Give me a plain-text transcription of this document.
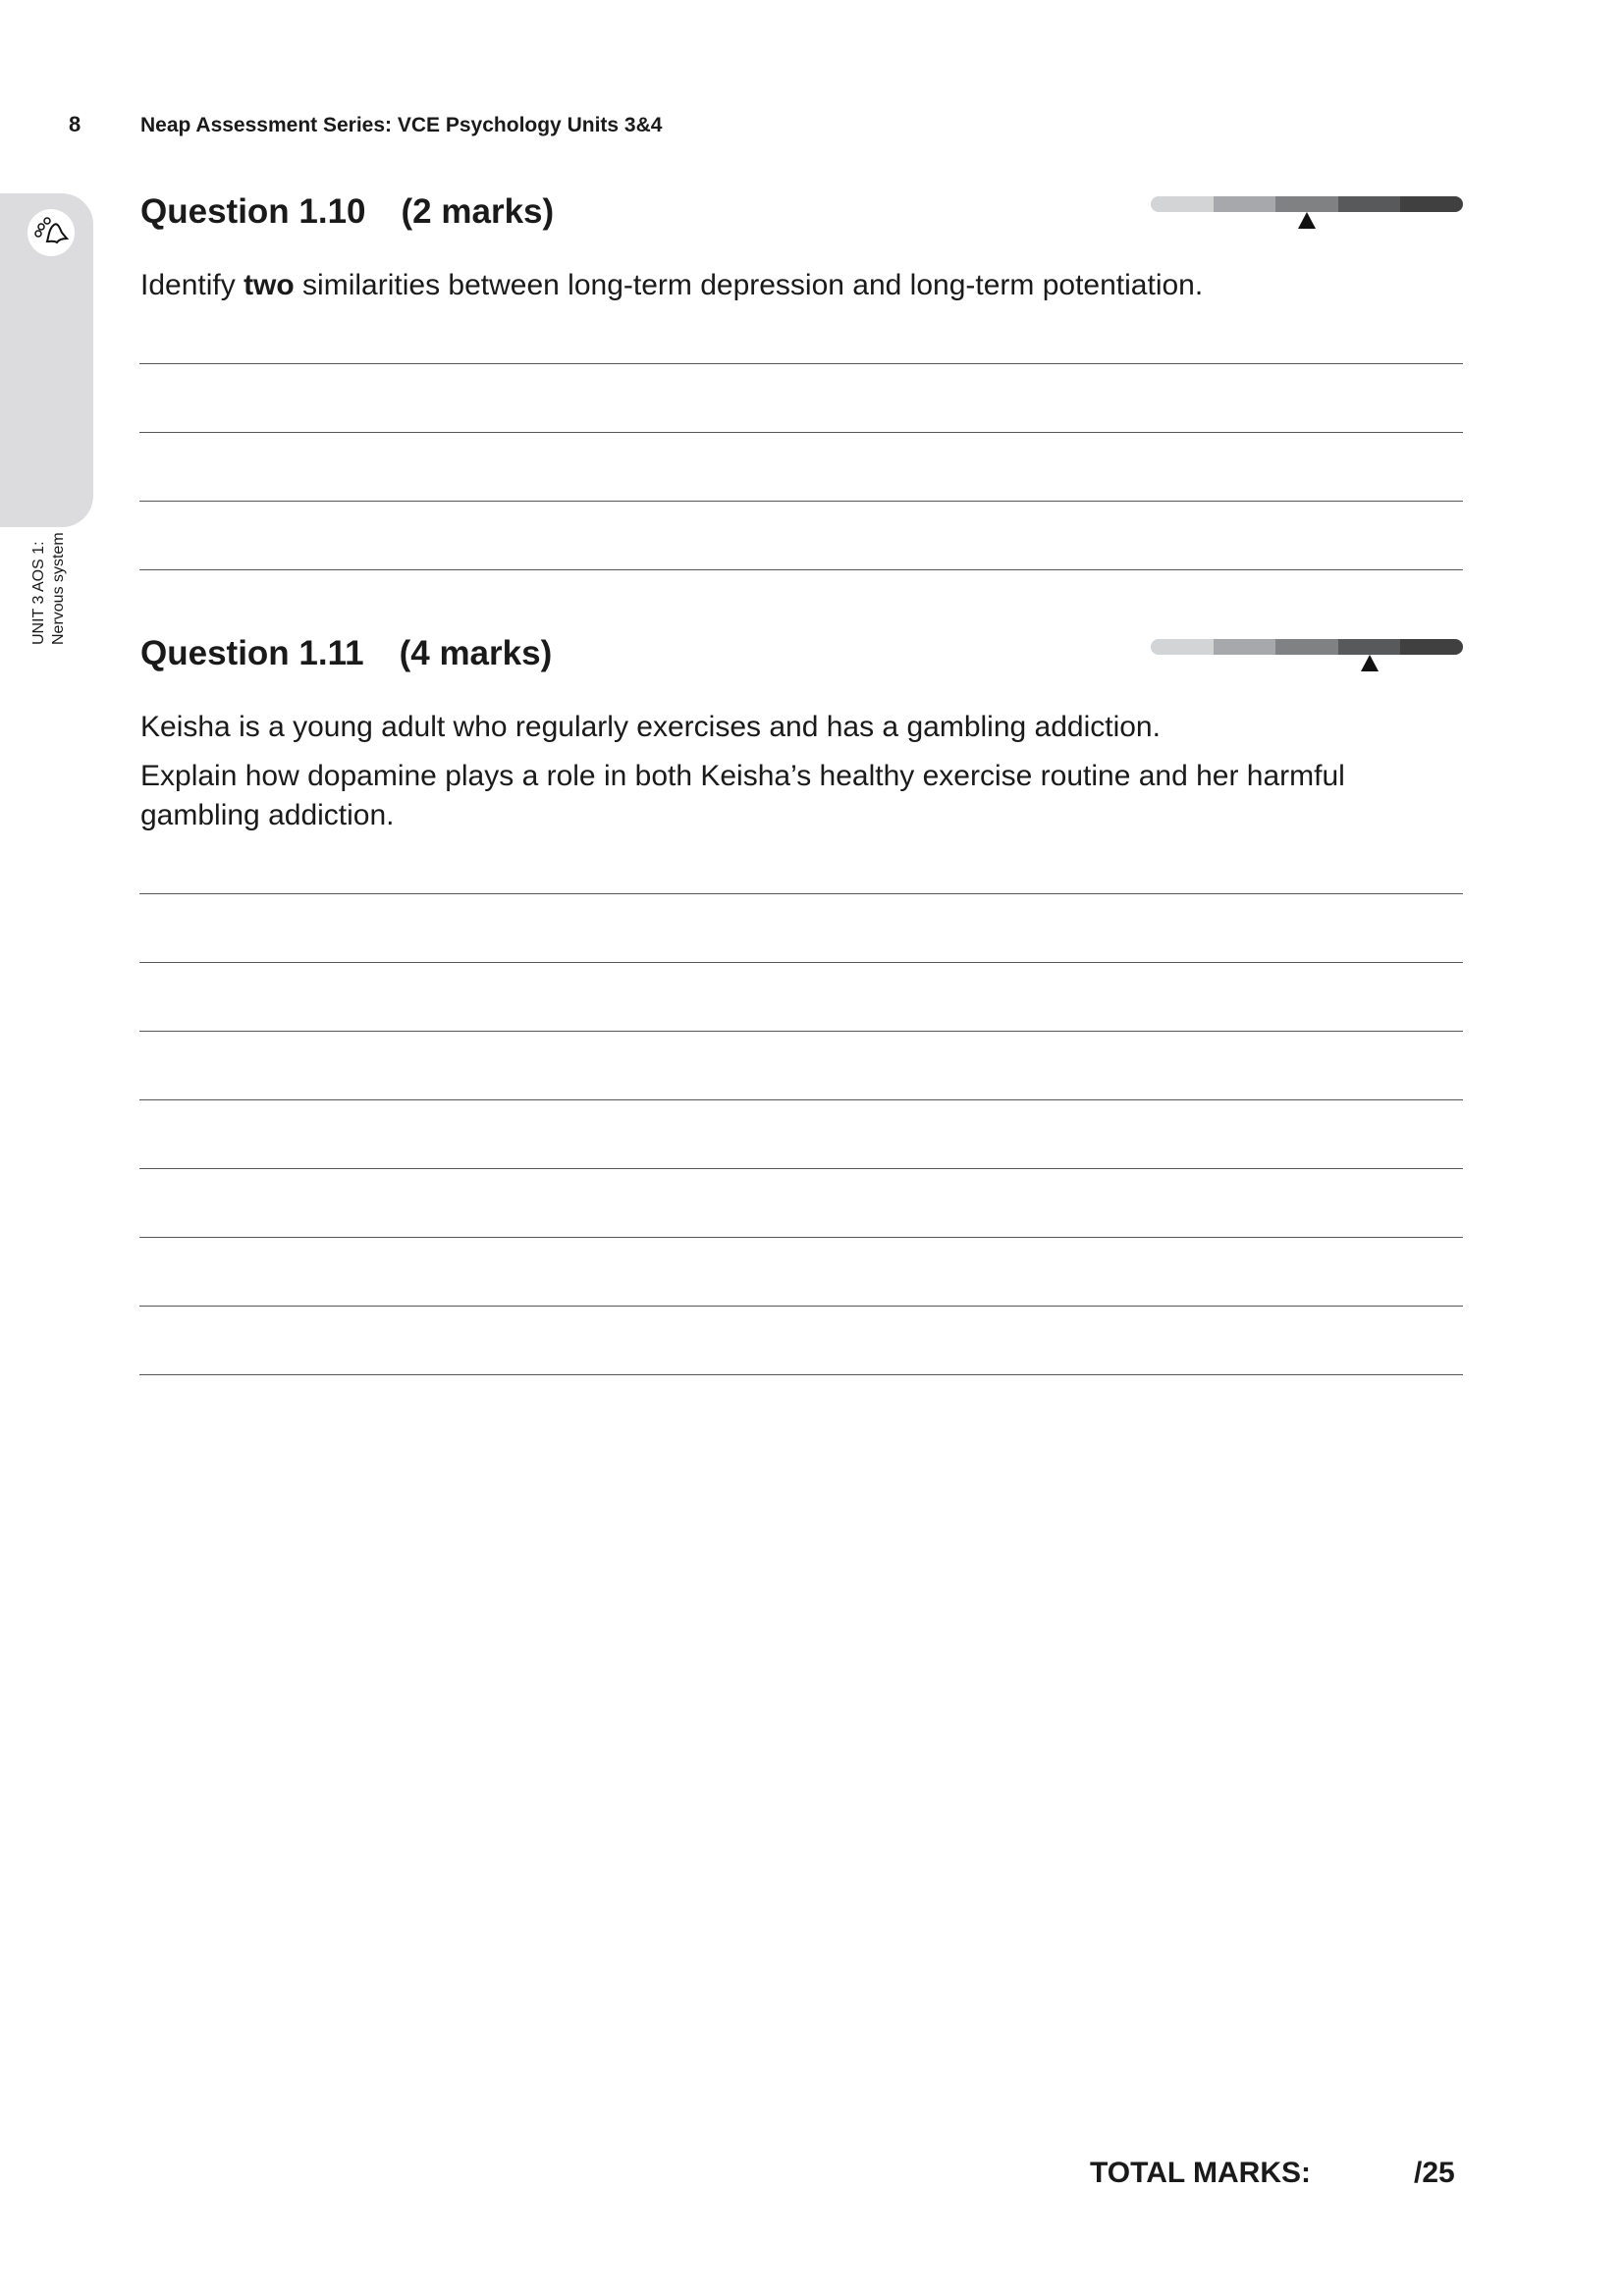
8	Neap Assessment Series: VCE Psychology Units 3&4
UNIT 3 AOS 1: Nervous system
Question 1.10 (2 marks)
Identify two similarities between long-term depression and long-term potentiation.
Question 1.11 (4 marks)
Keisha is a young adult who regularly exercises and has a gambling addiction.
Explain how dopamine plays a role in both Keisha’s healthy exercise routine and her harmful gambling addiction.
TOTAL MARKS:	/25
